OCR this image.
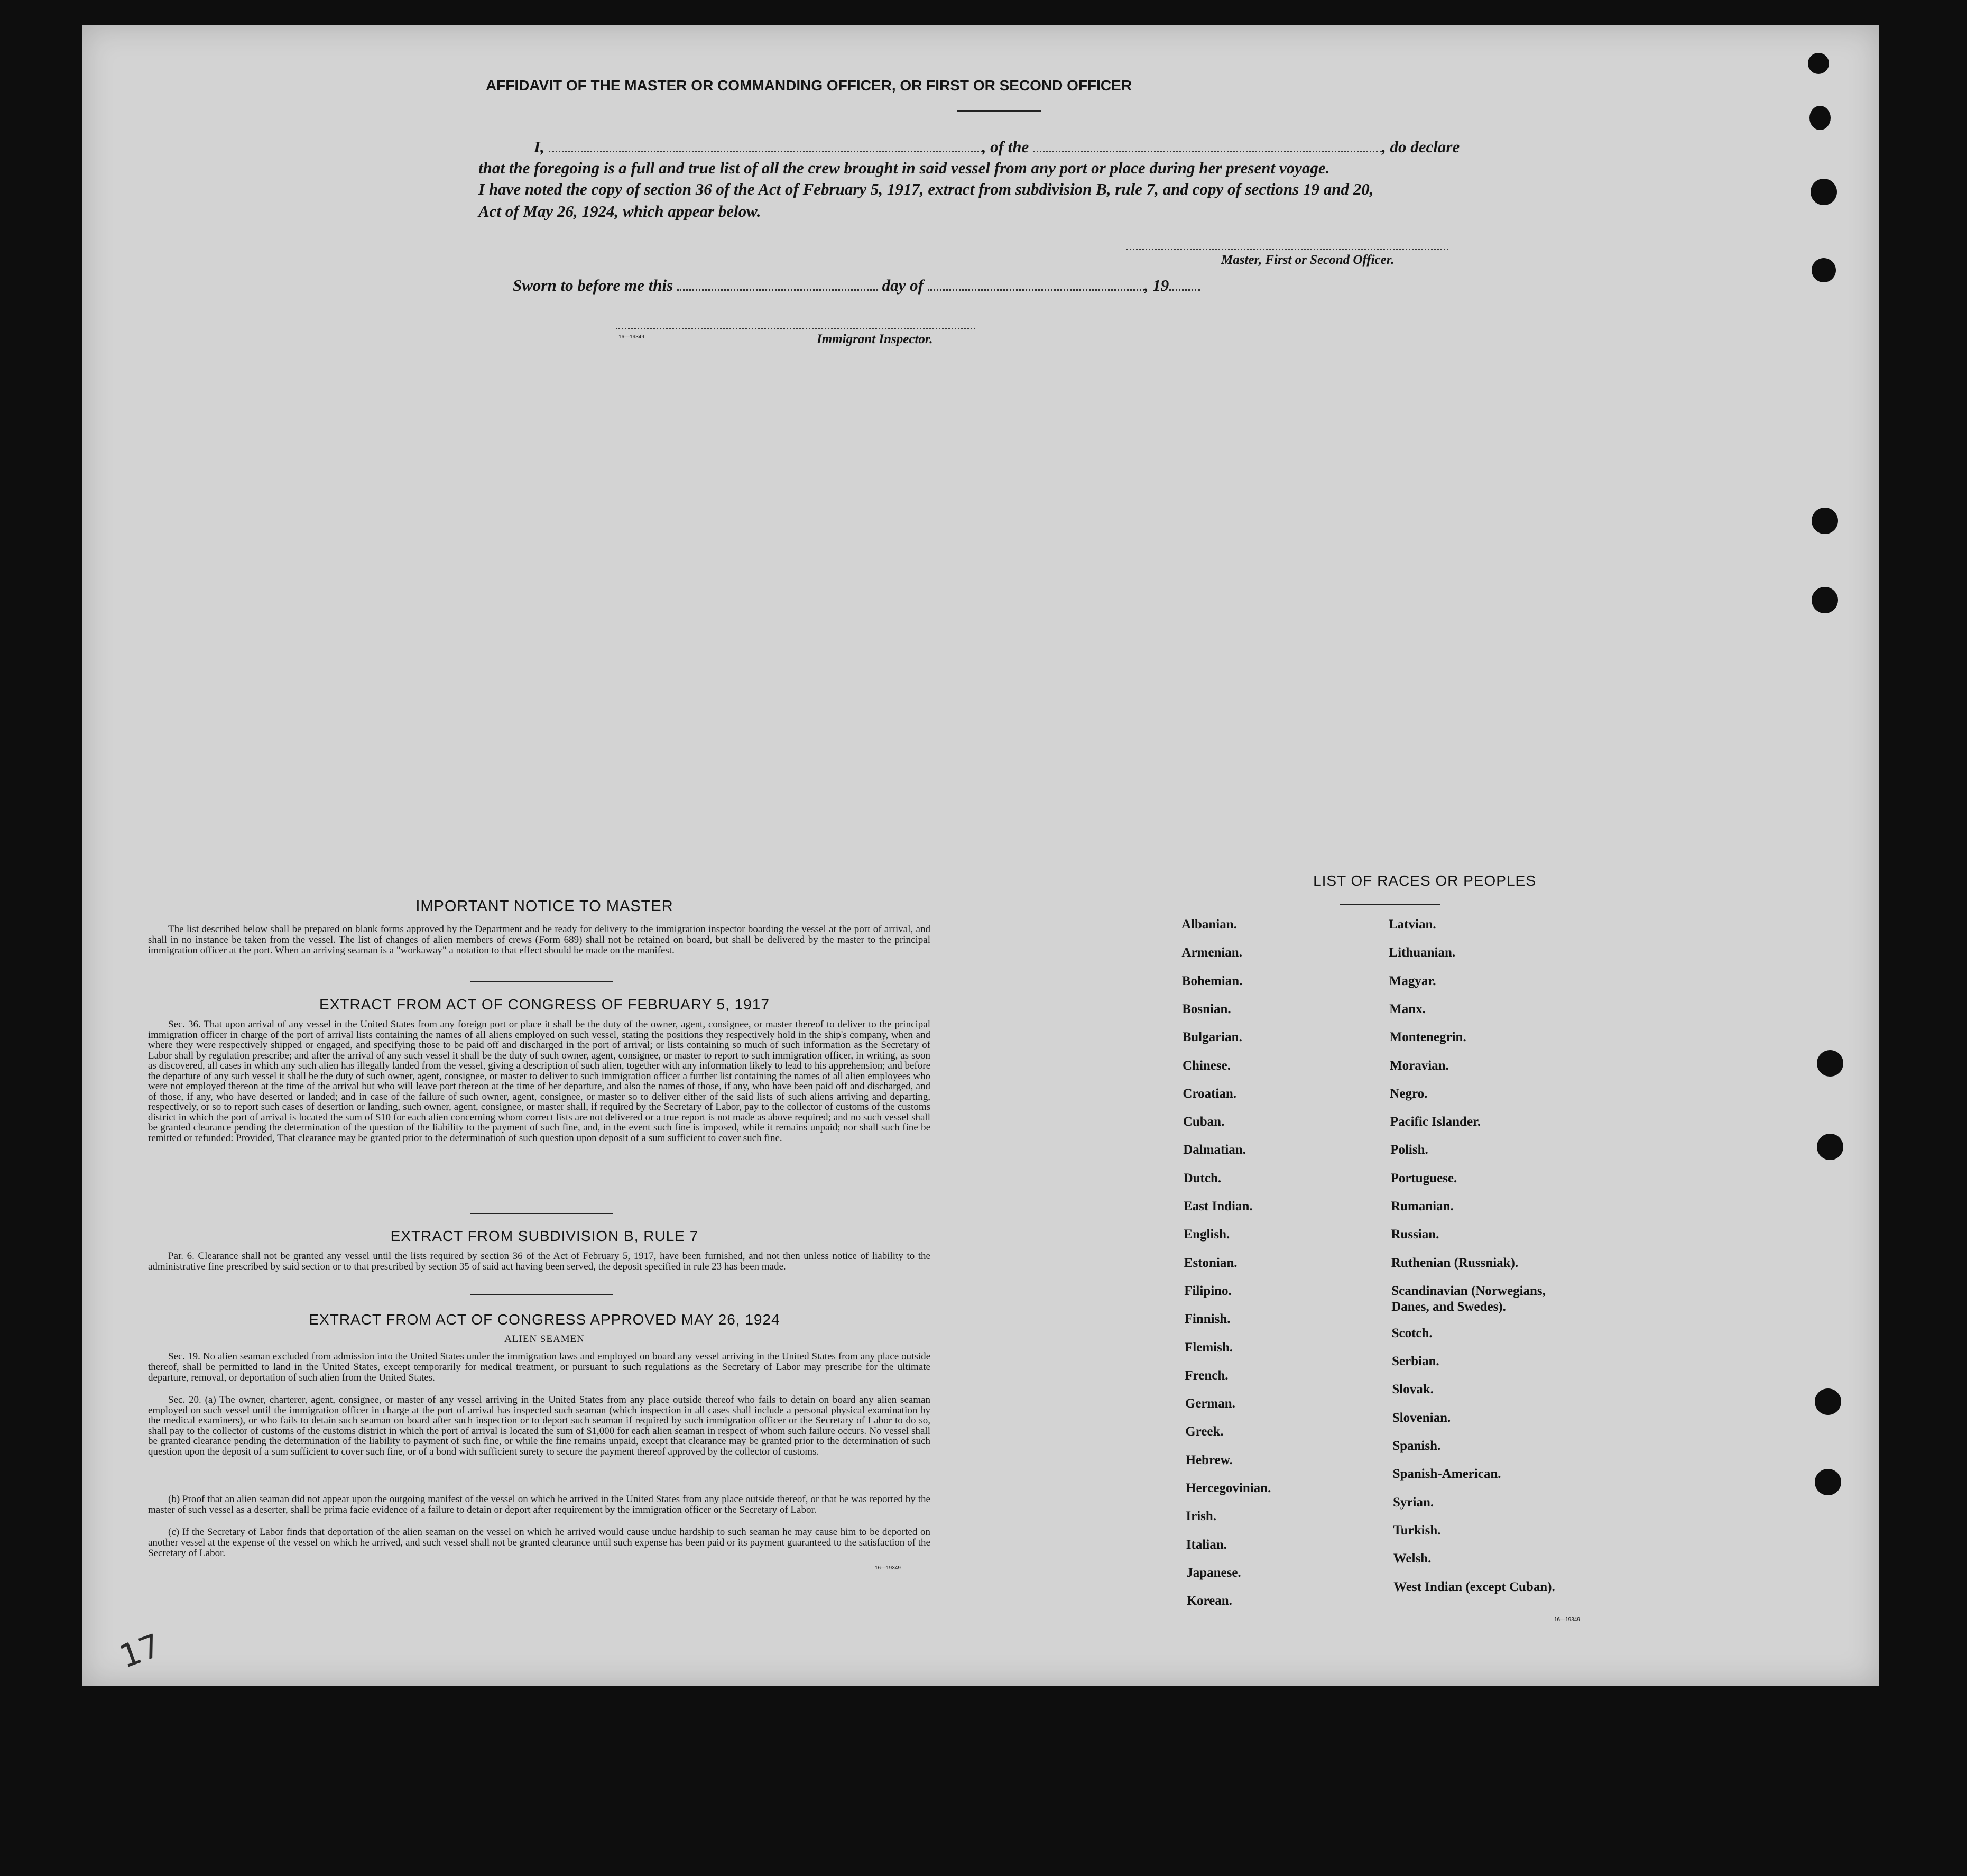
AFFIDAVIT OF THE MASTER OR COMMANDING OFFICER, OR FIRST OR SECOND OFFICER
I,	, of the	, do declare
that the foregoing is a full and true list of all the crew brought in said vessel from any port or place during her present voyage.
I have noted the copy of section 36 of the Act of February 5, 1917, extract from subdivision B, rule 7, and copy of sections 19 and 20,
Act of May 26, 1924, which appear below.
Master, First or Second Officer.
Sworn to before me this	day of	, 19
16—19349	Immigrant Inspector.
IMPORTANT NOTICE TO MASTER

The list described below shall be prepared on blank forms approved by the Department and be ready for delivery to the immigration inspector boarding the vessel at the port of arrival, and shall in no instance be taken from the vessel. The list of changes of alien members of crews (Form 689) shall not be retained on board, but shall be delivered by the master to the principal immigration officer at the port. When an arriving seaman is a "workaway" a notation to that effect should be made on the manifest.

EXTRACT FROM ACT OF CONGRESS OF FEBRUARY 5, 1917

Sec. 36. That upon arrival of any vessel in the United States from any foreign port or place it shall be the duty of the owner, agent, consignee, or master thereof to deliver to the principal immigration officer in charge of the port of arrival lists containing the names of all aliens employed on such vessel, stating the positions they respectively hold in the ship's company, when and where they were respectively shipped or engaged, and specifying those to be paid off and discharged in the port of arrival; or lists containing so much of such information as the Secretary of Labor shall by regulation prescribe; and after the arrival of any such vessel it shall be the duty of such owner, agent, consignee, or master to report to such immigration officer, in writing, as soon as discovered, all cases in which any such alien has illegally landed from the vessel, giving a description of such alien, together with any information likely to lead to his apprehension; and before the departure of any such vessel it shall be the duty of such owner, agent, consignee, or master to deliver to such immigration officer a further list containing the names of all alien employees who were not employed thereon at the time of the arrival but who will leave port thereon at the time of her departure, and also the names of those, if any, who have been paid off and discharged, and of those, if any, who have deserted or landed; and in case of the failure of such owner, agent, consignee, or master so to deliver either of the said lists of such aliens arriving and departing, respectively, or so to report such cases of desertion or landing, such owner, agent, consignee, or master shall, if required by the Secretary of Labor, pay to the collector of customs of the customs district in which the port of arrival is located the sum of $10 for each alien concerning whom correct lists are not delivered or a true report is not made as above required; and no such vessel shall be granted clearance pending the determination of the question of the liability to the payment of such fine, and, in the event such fine is imposed, while it remains unpaid; nor shall such fine be remitted or refunded: Provided, That clearance may be granted prior to the determination of such question upon deposit of a sum sufficient to cover such fine.

EXTRACT FROM SUBDIVISION B, RULE 7

Par. 6. Clearance shall not be granted any vessel until the lists required by section 36 of the Act of February 5, 1917, have been furnished, and not then unless notice of liability to the administrative fine prescribed by said section or to that prescribed by section 35 of said act having been served, the deposit specified in rule 23 has been made.

EXTRACT FROM ACT OF CONGRESS APPROVED MAY 26, 1924
ALIEN SEAMEN

Sec. 19. No alien seaman excluded from admission into the United States under the immigration laws and employed on board any vessel arriving in the United States from any place outside thereof, shall be permitted to land in the United States, except temporarily for medical treatment, or pursuant to such regulations as the Secretary of Labor may prescribe for the ultimate departure, removal, or deportation of such alien from the United States.

Sec. 20. (a) The owner, charterer, agent, consignee, or master of any vessel arriving in the United States from any place outside thereof who fails to detain on board any alien seaman employed on such vessel until the immigration officer in charge at the port of arrival has inspected such seaman (which inspection in all cases shall include a personal physical examination by the medical examiners), or who fails to detain such seaman on board after such inspection or to deport such seaman if required by such immigration officer or the Secretary of Labor to do so, shall pay to the collector of customs of the customs district in which the port of arrival is located the sum of $1,000 for each alien seaman in respect of whom such failure occurs. No vessel shall be granted clearance pending the determination of the liability to payment of such fine, or while the fine remains unpaid, except that clearance may be granted prior to the determination of such question upon the deposit of a sum sufficient to cover such fine, or of a bond with sufficient surety to secure the payment thereof approved by the collector of customs.

(b) Proof that an alien seaman did not appear upon the outgoing manifest of the vessel on which he arrived in the United States from any place outside thereof, or that he was reported by the master of such vessel as a deserter, shall be prima facie evidence of a failure to detain or deport after requirement by the immigration officer or the Secretary of Labor.

(c) If the Secretary of Labor finds that deportation of the alien seaman on the vessel on which he arrived would cause undue hardship to such seaman he may cause him to be deported on another vessel at the expense of the vessel on which he arrived, and such vessel shall not be granted clearance until such expense has been paid or its payment guaranteed to the satisfaction of the Secretary of Labor.

16—19349
LIST OF RACES OR PEOPLES
Albanian.
Armenian.
Bohemian.
Bosnian.
Bulgarian.
Chinese.
Croatian.
Cuban.
Dalmatian.
Dutch.
East Indian.
English.
Estonian.
Filipino.
Finnish.
Flemish.
French.
German.
Greek.
Hebrew.
Hercegovinian.
Irish.
Italian.
Japanese.
Korean.
Latvian.
Lithuanian.
Magyar.
Manx.
Montenegrin.
Moravian.
Negro.
Pacific Islander.
Polish.
Portuguese.
Rumanian.
Russian.
Ruthenian (Russniak).
Scandinavian (Norwegians,
Danes, and Swedes).
Scotch.
Serbian.
Slovak.
Slovenian.
Spanish.
Spanish-American.
Syrian.
Turkish.
Welsh.
West Indian (except Cuban).
16—19349
17
